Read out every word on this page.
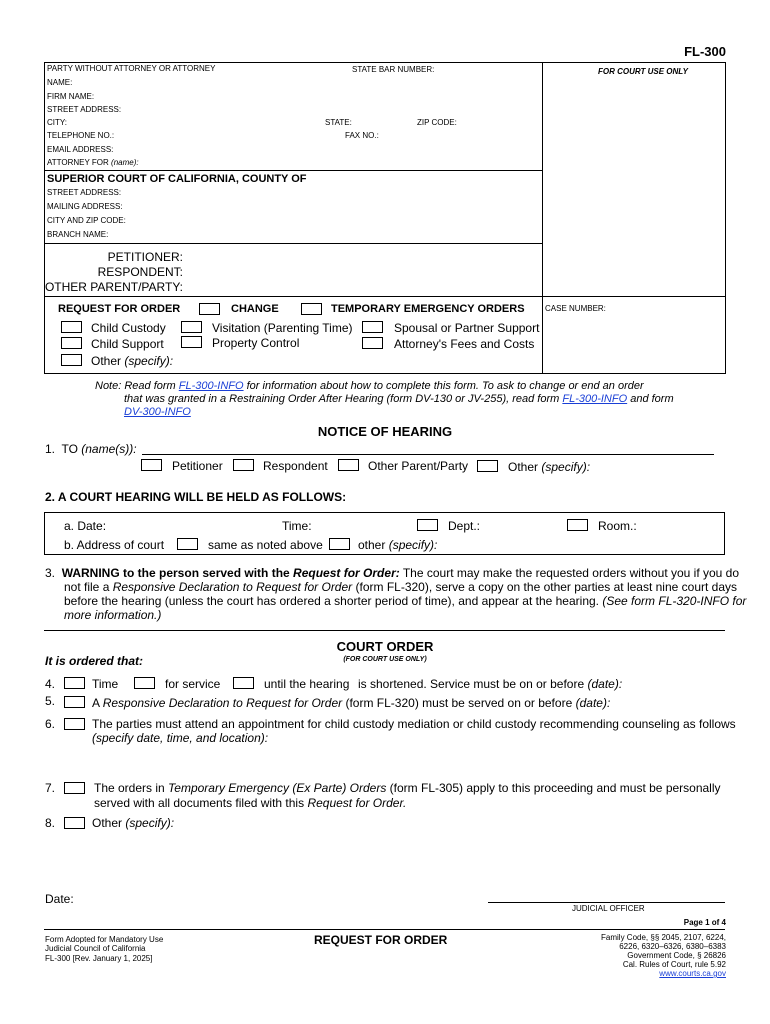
FL-300
PARTY WITHOUT ATTORNEY OR ATTORNEY	STATE BAR NUMBER:	FOR COURT USE ONLY
NAME:
FIRM NAME:
STREET ADDRESS:
CITY:	STATE:	ZIP CODE:
TELEPHONE NO.:	FAX NO.:
EMAIL ADDRESS:
ATTORNEY FOR (name):
SUPERIOR COURT OF CALIFORNIA, COUNTY OF
STREET ADDRESS:
MAILING ADDRESS:
CITY AND ZIP CODE:
BRANCH NAME:
PETITIONER:
RESPONDENT:
OTHER PARENT/PARTY:
CASE NUMBER:
REQUEST FOR ORDER	CHANGE	TEMPORARY EMERGENCY ORDERS
Child Custody	Visitation (Parenting Time)	Spousal or Partner Support
Child Support	Property Control	Attorney's Fees and Costs
Other (specify):
Note: Read form FL-300-INFO for information about how to complete this form. To ask to change or end an order
that was granted in a Restraining Order After Hearing (form DV-130 or JV-255), read form FL-300-INFO and form
DV-300-INFO
NOTICE OF HEARING
1. TO (name(s)):
Petitioner	Respondent	Other Parent/Party	Other (specify):
2. A COURT HEARING WILL BE HELD AS FOLLOWS:
a. Date:	Time:	Dept.:	Room.:
b. Address of court	same as noted above	other (specify):
3. WARNING to the person served with the Request for Order: The court may make the requested orders without you if you do
not file a Responsive Declaration to Request for Order (form FL-320), serve a copy on the other parties at least nine court days
before the hearing (unless the court has ordered a shorter period of time), and appear at the hearing. (See form FL-320-INFO for
more information.)
COURT ORDER
(FOR COURT USE ONLY)
It is ordered that:
4.	Time	for service	until the hearing is shortened. Service must be on or before (date):
5.	A Responsive Declaration to Request for Order (form FL-320) must be served on or before (date):
6.	The parties must attend an appointment for child custody mediation or child custody recommending counseling as follows
(specify date, time, and location):
7.	The orders in Temporary Emergency (Ex Parte) Orders (form FL-305) apply to this proceeding and must be personally
served with all documents filed with this Request for Order.
8.	Other (specify):
Date:
JUDICIAL OFFICER
Page 1 of 4
Form Adopted for Mandatory Use
Judicial Council of California
FL-300 [Rev. January 1, 2025]
REQUEST FOR ORDER	Family Code, §§ 2045, 2107, 6224,
6226, 6320–6326, 6380–6383
Government Code, § 26826
Cal. Rules of Court, rule 5.92
www.courts.ca.gov
